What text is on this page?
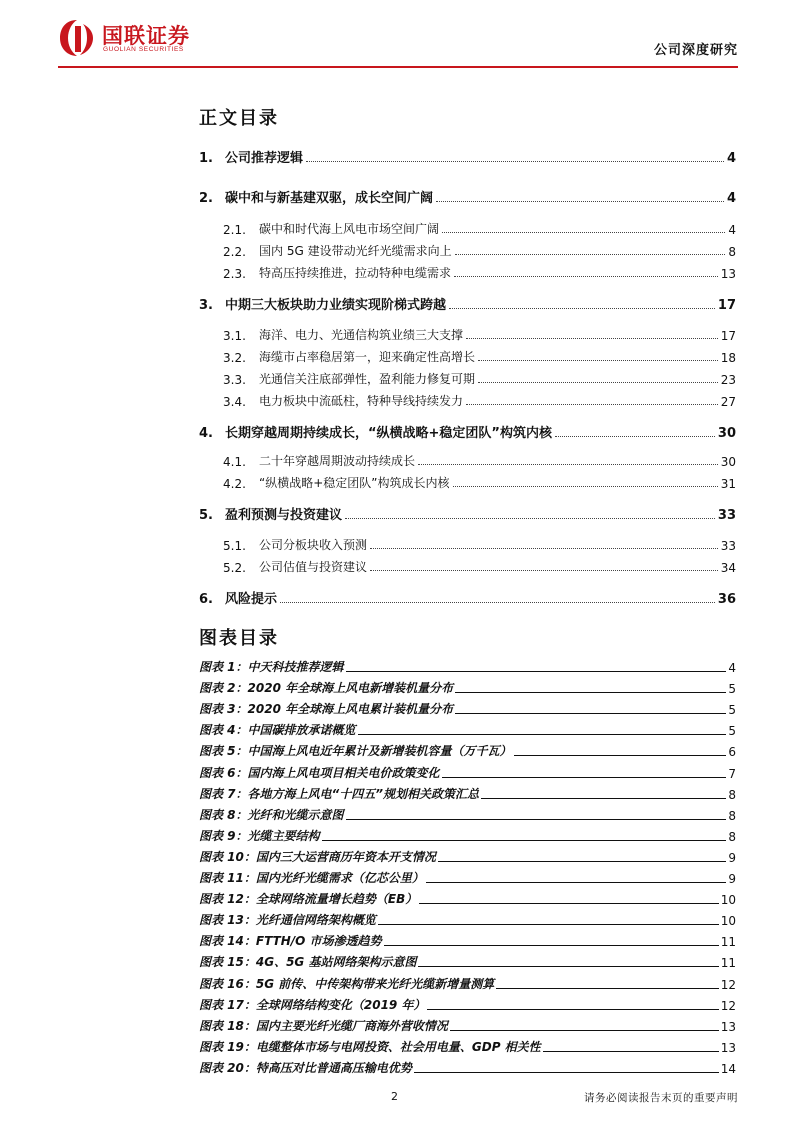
国联证券
GUOLIAN SECURITIES	公司深度研究
正文目录
1. 公司推荐逻辑	4
2. 碳中和与新基建双驱，成长空间广阔	4
2.1.	碳中和时代海上风电市场空间广阔	4
2.2.	国内 5G 建设带动光纤光缆需求向上	8
2.3.	特高压持续推进，拉动特种电缆需求	13
3. 中期三大板块助力业绩实现阶梯式跨越	17
3.1.	海洋、电力、光通信构筑业绩三大支撑	17
3.2.	海缆市占率稳居第一，迎来确定性高增长	18
3.3.	光通信关注底部弹性，盈利能力修复可期	23
3.4.	电力板块中流砥柱，特种导线持续发力	27
4. 长期穿越周期持续成长，“纵横战略+稳定团队”构筑内核	30
4.1.	二十年穿越周期波动持续成长	30
4.2.	“纵横战略+稳定团队”构筑成长内核	31
5. 盈利预测与投资建议	33
5.1.	公司分板块收入预测	33
5.2.	公司估值与投资建议	34
6. 风险提示	36
图表目录
图表 1：中天科技推荐逻辑	4
图表 2：2020 年全球海上风电新增装机量分布	5
图表 3：2020 年全球海上风电累计装机量分布	5
图表 4：中国碳排放承诺概览	5
图表 5：中国海上风电近年累计及新增装机容量（万千瓦）	6
图表 6：国内海上风电项目相关电价政策变化	7
图表 7：各地方海上风电“十四五”规划相关政策汇总	8
图表 8：光纤和光缆示意图	8
图表 9：光缆主要结构	8
图表 10：国内三大运营商历年资本开支情况	9
图表 11：国内光纤光缆需求（亿芯公里）	9
图表 12：全球网络流量增长趋势（EB）	10
图表 13：光纤通信网络架构概览	10
图表 14：FTTH/O 市场渗透趋势	11
图表 15：4G、5G 基站网络架构示意图	11
图表 16：5G 前传、中传架构带来光纤光缆新增量测算	12
图表 17：全球网络结构变化（2019 年）	12
图表 18：国内主要光纤光缆厂商海外营收情况	13
图表 19：电缆整体市场与电网投资、社会用电量、GDP 相关性	13
图表 20：特高压对比普通高压输电优势	14
2	请务必阅读报告末页的重要声明
